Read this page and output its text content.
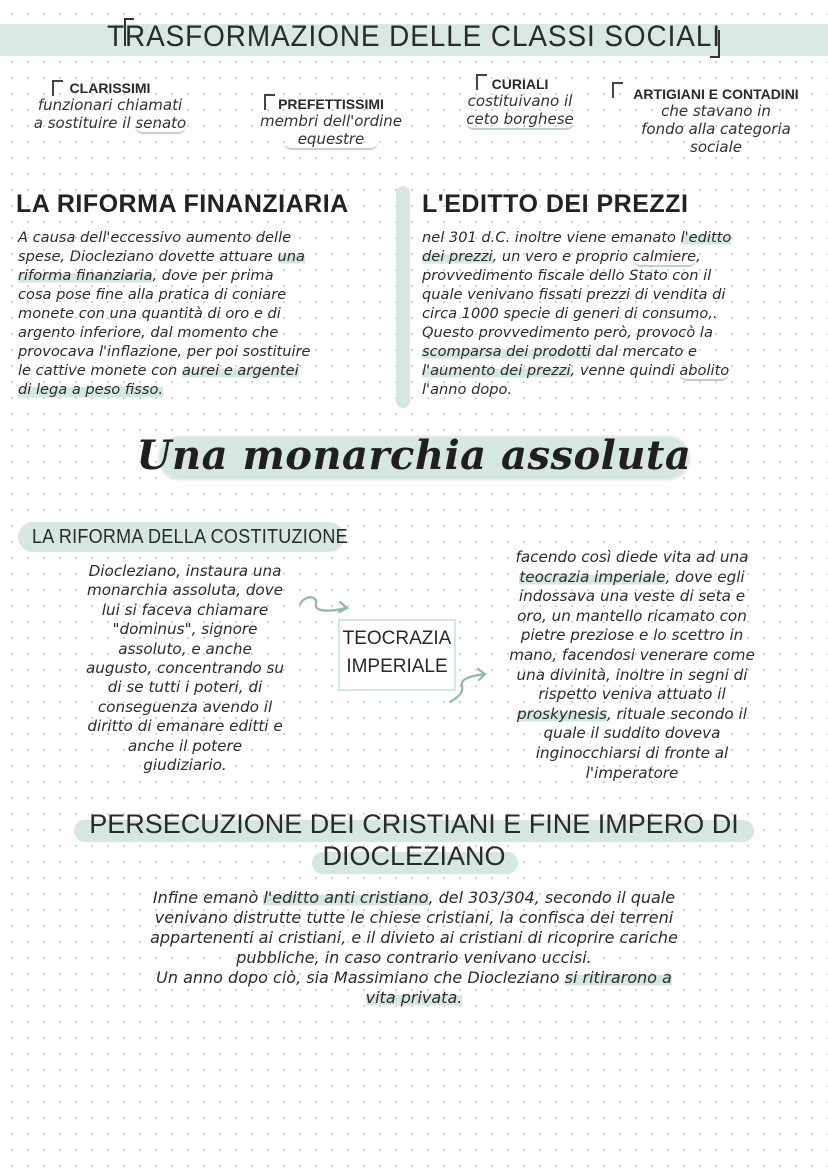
TRASFORMAZIONE DELLE CLASSI SOCIALI
CLARISSIMI
funzionari chiamati
a sostituire il senato
PREFETTISSIMI
membri dell'ordine
equestre
CURIALI
costituivano il
ceto borghese
ARTIGIANI E CONTADINI
che stavano in
fondo alla categoria
sociale
LA RIFORMA FINANZIARIA
A causa dell'eccessivo aumento delle
spese, Diocleziano dovette attuare una
riforma finanziaria, dove per prima
cosa pose fine alla pratica di coniare
monete con una quantità di oro e di
argento inferiore, dal momento che
provocava l'inflazione, per poi sostituire
le cattive monete con aurei e argentei
di lega a peso fisso.
L'EDITTO DEI PREZZI
nel 301 d.C. inoltre viene emanato l'editto
dei prezzi, un vero e proprio calmiere,
provvedimento fiscale dello Stato con il
quale venivano fissati prezzi di vendita di
circa 1000 specie di generi di consumo,.
Questo provvedimento però, provocò la
scomparsa dei prodotti dal mercato e
l'aumento dei prezzi, venne quindi abolito
l'anno dopo.
Una monarchia assoluta
LA RIFORMA DELLA COSTITUZIONE
Diocleziano, instaura una
monarchia assoluta, dove
lui si faceva chiamare
"dominus", signore
assoluto, e anche
augusto, concentrando su
di se tutti i poteri, di
conseguenza avendo il
diritto di emanare editti e
anche il potere
giudiziario.
TEOCRAZIA
IMPERIALE
facendo così diede vita ad una
teocrazia imperiale, dove egli
indossava una veste di seta e
oro, un mantello ricamato con
pietre preziose e lo scettro in
mano, facendosi venerare come
una divinità, inoltre in segni di
rispetto veniva attuato il
proskynesis, rituale secondo il
quale il suddito doveva
inginocchiarsi di fronte al
l'imperatore
PERSECUZIONE DEI CRISTIANI E FINE IMPERO DI
DIOCLEZIANO
Infine emanò l'editto anti cristiano, del 303/304, secondo il quale
venivano distrutte tutte le chiese cristiani, la confisca dei terreni
appartenenti ai cristiani, e il divieto ai cristiani di ricoprire cariche
pubbliche, in caso contrario venivano uccisi.
Un anno dopo ciò, sia Massimiano che Diocleziano si ritirarono a
vita privata.
